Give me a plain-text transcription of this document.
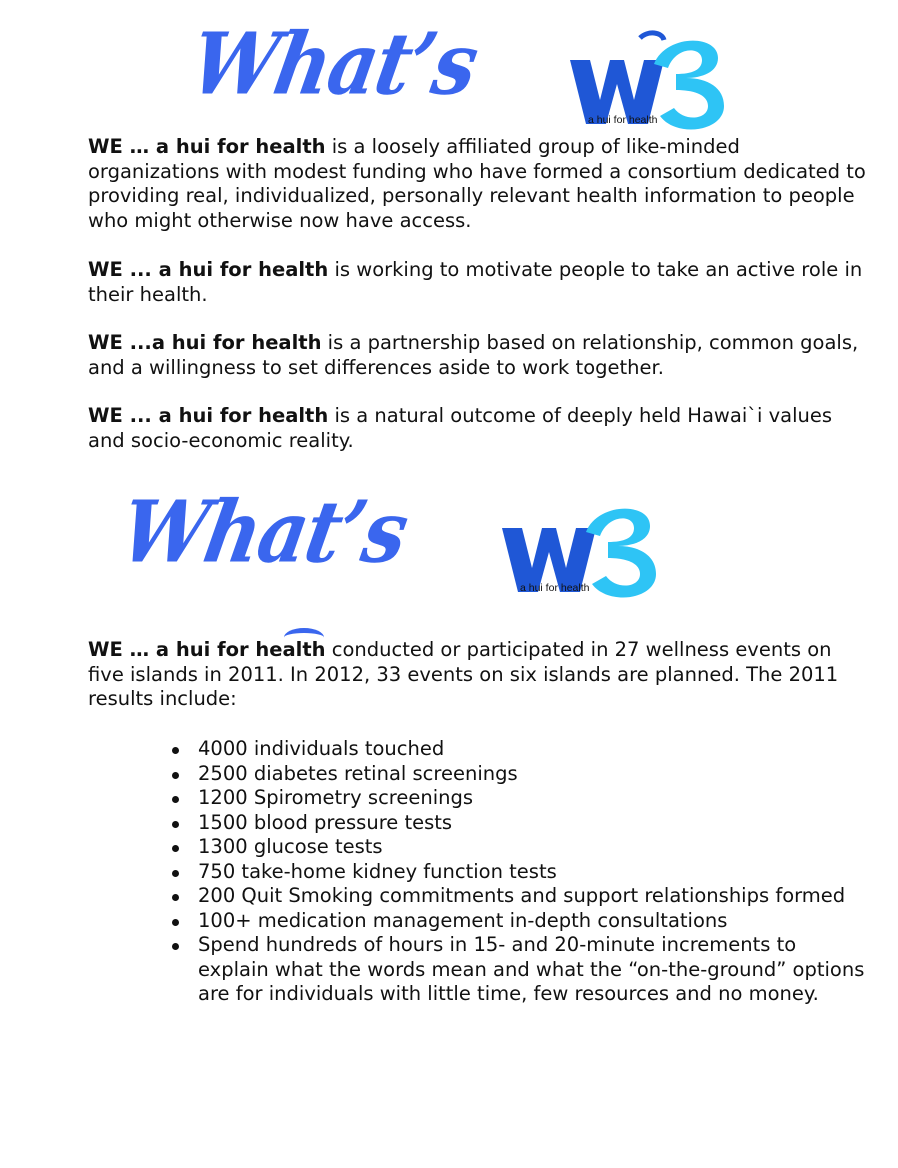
What’s
a hui for health

WE … a hui for health is a loosely affiliated group of like-minded organizations with modest funding who have formed a consortium dedicated to providing real, individualized, personally relevant health information to people who might otherwise now have access.

WE ... a hui for health is working to motivate people to take an active role in their health.

WE ...a hui for health is a partnership based on relationship, common goals, and a willingness to set differences aside to work together.

WE ... a hui for health is a natural outcome of deeply held Hawai`i values and socio-economic reality.

What’s
a hui for health

WE … a hui for health conducted or participated in 27 wellness events on five islands in 2011. In 2012, 33 events on six islands are planned. The 2011 results include:

4000 individuals touched
2500 diabetes retinal screenings
1200 Spirometry screenings
1500 blood pressure tests
1300 glucose tests
750 take-home kidney function tests
200 Quit Smoking commitments and support relationships formed
100+ medication management in-depth consultations
Spend hundreds of hours in 15- and 20-minute increments to explain what the words mean and what the “on-the-ground” options are for individuals with little time, few resources and no money.
